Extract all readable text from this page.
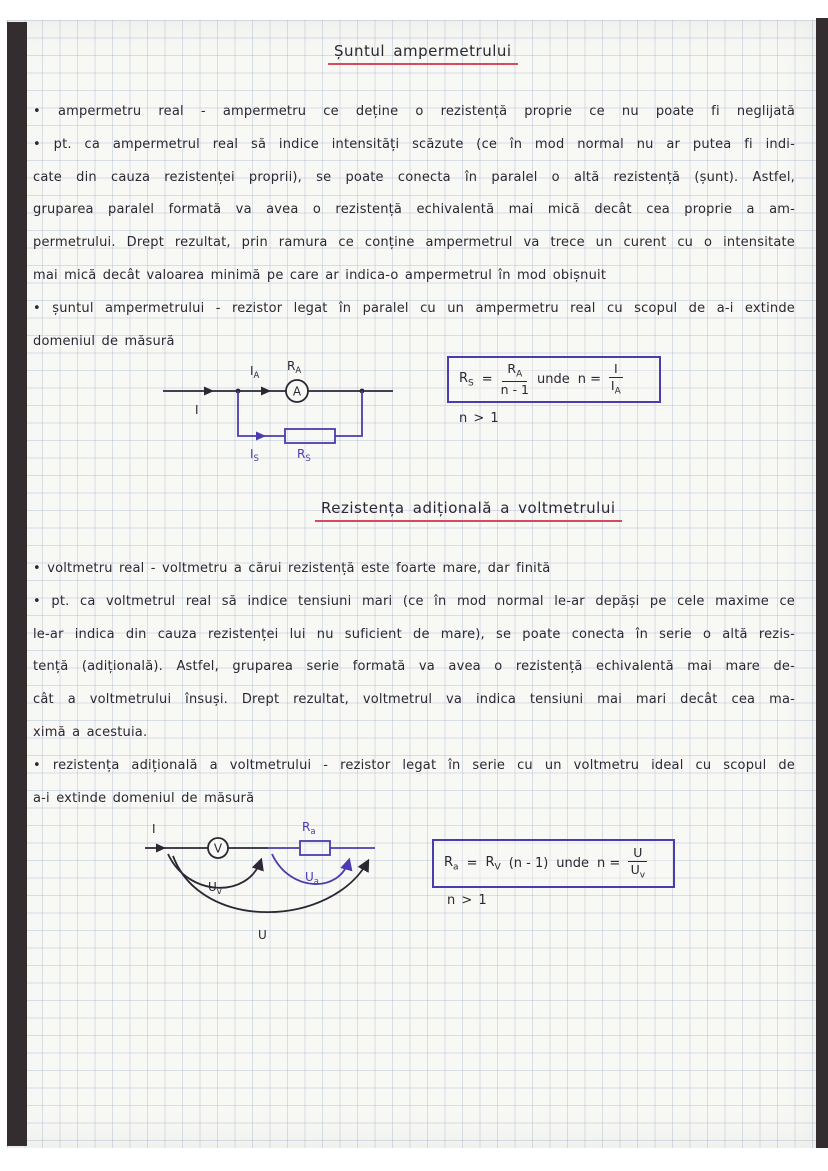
Șuntul ampermetrului
• ampermetru real - ampermetru ce deține o rezistență proprie ce nu poate fi neglijată
• pt. ca ampermetrul real să indice intensități scăzute (ce în mod normal nu ar putea fi indi-
cate din cauza rezistenței proprii), se poate conecta în paralel o altă rezistență (șunt). Astfel,
gruparea paralel formată va avea o rezistență echivalentă mai mică decât cea proprie a am-
permetrului. Drept rezultat, prin ramura ce conține ampermetrul va trece un curent cu o intensitate
mai mică decât valoarea minimă pe care ar indica-o ampermetrul în mod obișnuit
• șuntul ampermetrului - rezistor legat în paralel cu un ampermetru real cu scopul de a-i extinde
domeniul de măsură
A
I
$I_A$
$R_A$
$I_S$	$R_S$
$R_S = \frac{R_A}{n - 1}$ unde $n = \frac{I}{I_A}$
n > 1
Rezistența adițională a voltmetrului
• voltmetru real - voltmetru a cărui rezistență este foarte mare, dar finită
• pt. ca voltmetrul real să indice tensiuni mari (ce în mod normal le-ar depăși pe cele maxime ce
le-ar indica din cauza rezistenței lui nu suficient de mare), se poate conecta în serie o altă rezis-
tență (adițională). Astfel, gruparea serie formată va avea o rezistență echivalentă mai mare de-
cât a voltmetrului însuși. Drept rezultat, voltmetrul va indica tensiuni mai mari decât cea ma-
ximă a acestuia.
• rezistența adițională a voltmetrului - rezistor legat în serie cu un voltmetru ideal cu scopul de
a-i extinde domeniul de măsură
V
I	$R_a$
$U_v$
$U_a$
U
$R_a = R_V$ (n - 1) unde $n = \frac{U}{U_v}$
n > 1
